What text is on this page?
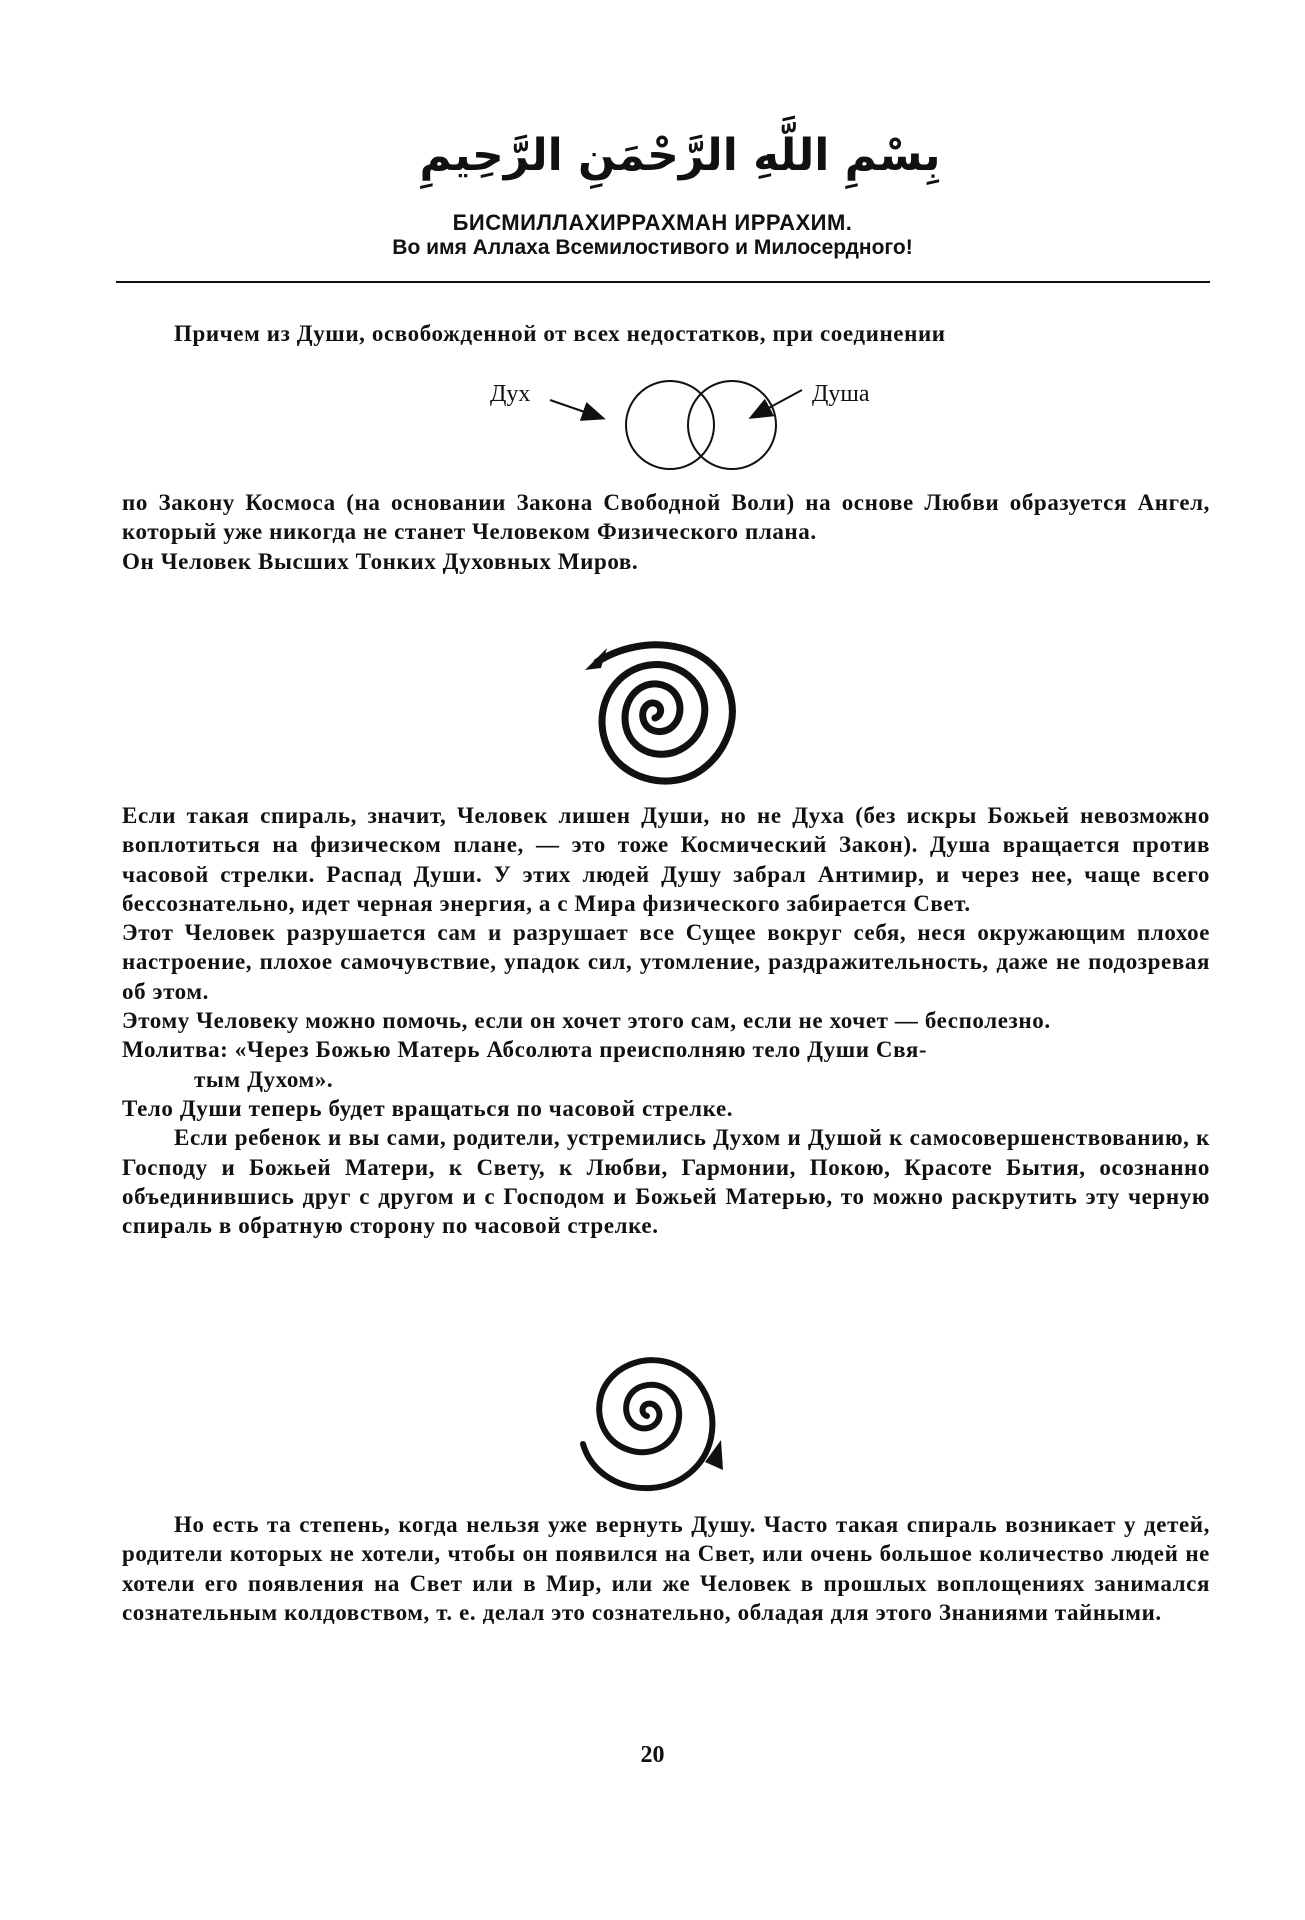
بِسْمِ اللَّهِ الرَّحْمَنِ الرَّحِيمِ
БИСМИЛЛАХИРРАХМАН ИРРАХИМ.
Во имя Аллаха Всемилостивого и Милосердного!

Причем из Души, освобожденной от всех недостатков, при соединении

Дух	Душа

по Закону Космоса (на основании Закона Свободной Воли) на основе Любви образуется Ангел, который уже никогда не станет Человеком Физического плана.

Он Человек Высших Тонких Духовных Миров.

Если такая спираль, значит, Человек лишен Души, но не Духа (без искры Божьей невозможно воплотиться на физическом плане, — это тоже Космический Закон). Душа вращается против часовой стрелки. Распад Души. У этих людей Душу забрал Антимир, и через нее, чаще всего бессознательно, идет черная энергия, а с Мира физического забирается Свет.

Этот Человек разрушается сам и разрушает все Сущее вокруг себя, неся окружающим плохое настроение, плохое самочувствие, упадок сил, утомление, раздражительность, даже не подозревая об этом.

Этому Человеку можно помочь, если он хочет этого сам, если не хочет — бесполезно.

Молитва: «Через Божью Матерь Абсолюта преисполняю тело Души Свя-

тым Духом».

Тело Души теперь будет вращаться по часовой стрелке.

Если ребенок и вы сами, родители, устремились Духом и Душой к самосовершенствованию, к Господу и Божьей Матери, к Свету, к Любви, Гармонии, Покою, Красоте Бытия, осознанно объединившись друг с другом и с Господом и Божьей Матерью, то можно раскрутить эту черную спираль в обратную сторону по часовой стрелке.

Но есть та степень, когда нельзя уже вернуть Душу. Часто такая спираль возникает у детей, родители которых не хотели, чтобы он появился на Свет, или очень большое количество людей не хотели его появления на Свет или в Мир, или же Человек в прошлых воплощениях занимался сознательным колдовством, т. е. делал это сознательно, обладая для этого Знаниями тайными.

20
